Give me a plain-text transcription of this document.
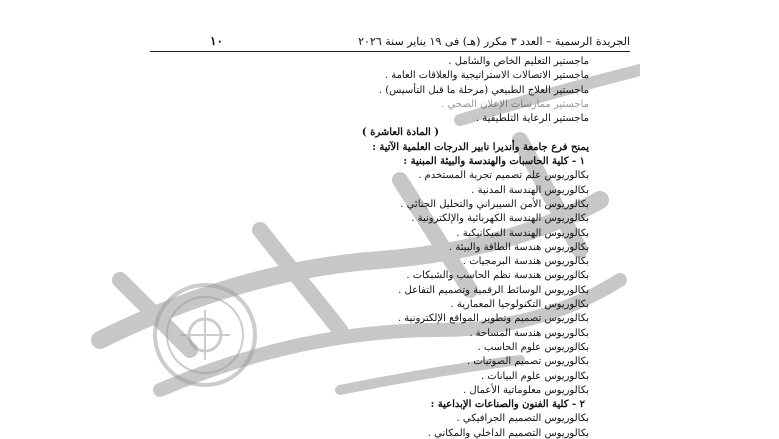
الجريدة الرسمية – العدد ٣ مكرر (هـ) فى ١٩ يناير سنة ٢٠٢٦
١٠
ماجستير التعليم الخاص والشامل .
ماجستير الاتصالات الاستراتيجية والعلاقات العامة .
ماجستير العلاج الطبيعي (مرحلة ما قبل التأسيس) .
ماجستير ممارسات الإعلان الصحي .
ماجستير الرعاية التلطيفية .
( المادة العاشرة )
يمنح فرع جامعة وأنديرا نابير الدرجات العلمية الآتية :
١ - كلية الحاسبات والهندسة والبيئة المبنية :
بكالوريوس علم تصميم تجربة المستخدم .
بكالوريوس الهندسة المدنية .
بكالوريوس الأمن السيبراني والتحليل الجنائي .
بكالوريوس الهندسة الكهربائية والإلكترونية .
بكالوريوس الهندسة الميكانيكية .
بكالوريوس هندسة الطاقة والبيئة .
بكالوريوس هندسة البرمجيات .
بكالوريوس هندسة نظم الحاسب والشبكات .
بكالوريوس الوسائط الرقمية وتصميم التفاعل .
بكالوريوس التكنولوجيا المعمارية .
بكالوريوس تصميم وتطوير المواقع الإلكترونية .
بكالوريوس هندسة المساحة .
بكالوريوس علوم الحاسب .
بكالوريوس تصميم الصوتيات .
بكالوريوس علوم البيانات .
بكالوريوس معلوماتية الأعمال .
٢ - كلية الفنون والصناعات الإبداعية :
بكالوريوس التصميم الجرافيكي .
بكالوريوس التصميم الداخلي والمكاني .
